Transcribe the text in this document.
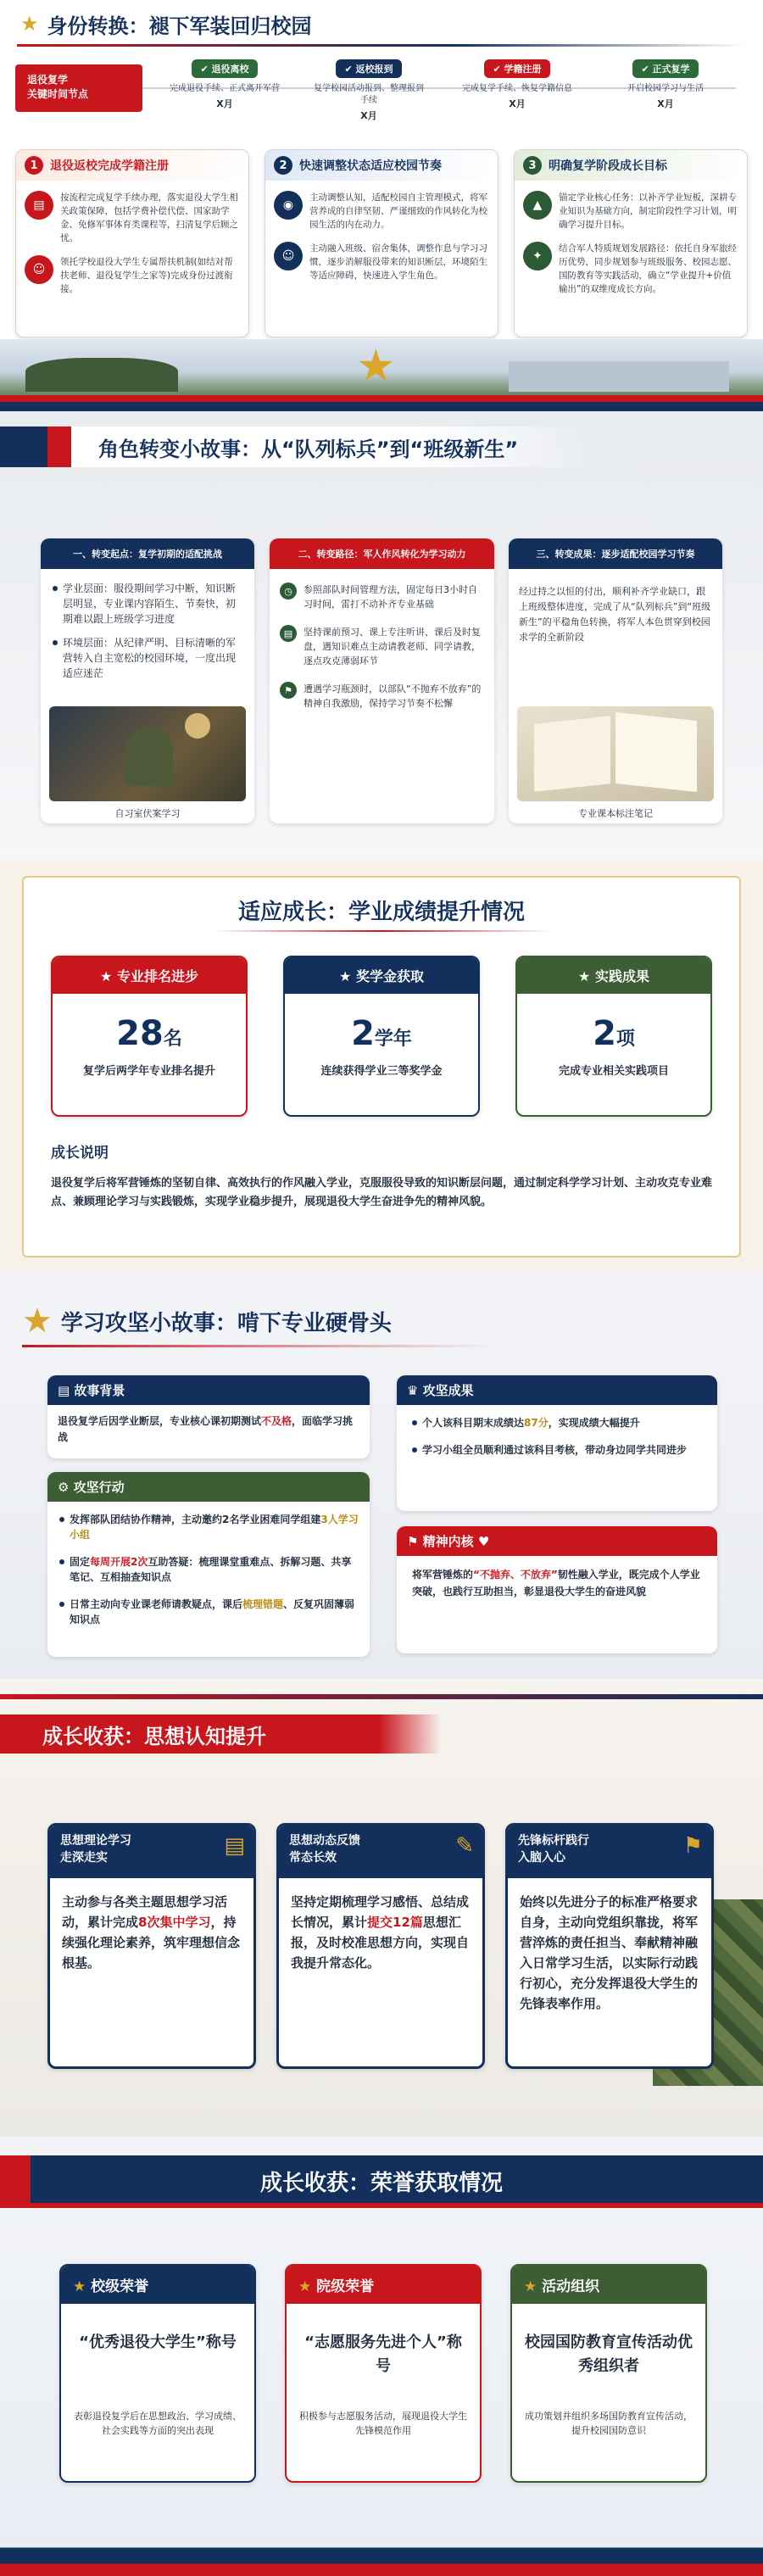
★ 身份转换：褪下军装回归校园
退役复学
关键时间节点
✔ 退役离校
完成退役手续、正式离开军营
X月
✔ 返校报到
复学校园活动报到、整理报到手续
X月
✔ 学籍注册
完成复学手续、恢复学籍信息
X月
✔ 正式复学
开启校园学习与生活
X月
1	退役返校完成学籍注册
▤
按流程完成复学手续办理，落实退役大学生相关政策保障，包括学费补偿代偿、国家助学金、免修军事体育类课程等，扫清复学后顾之忧。
☺
领托学校退役大学生专属帮扶机制(如结对帮扶老师、退役复学生之家等)完成身份过渡衔接。
2	快速调整状态适应校园节奏
◉
主动调整认知，适配校园自主管理模式，将军营养成的自律坚韧、严谨细致的作风转化为校园生活的内在动力。
☺
主动融入班级、宿舍集体，调整作息与学习习惯，逐步消解服役带来的知识断层，环境陌生等适应障碍，快速进入学生角色。
3	明确复学阶段成长目标
▲
锚定学业核心任务：以补齐学业短板，深耕专业知识为基础方向，制定阶段性学习计划，明确学习提升目标。
✦
结合军人特质规划发展路径：依托自身军旅经历优势，同步规划参与班级服务、校园志愿、国防教育等实践活动，确立“学业提升+价值输出”的双维度成长方向。
★
角色转变小故事：从“队列标兵”到“班级新生”
一、转变起点：复学初期的适配挑战
学业层面：服役期间学习中断，知识断层明显，专业课内容陌生、节奏快，初期难以跟上班级学习进度
环境层面：从纪律严明、目标清晰的军营转入自主宽松的校园环境，一度出现适应迷茫
自习室伏案学习
二、转变路径：军人作风转化为学习动力
◷	参照部队时间管理方法，固定每日3小时自习时间，雷打不动补齐专业基础
▤	坚持课前预习、课上专注听讲、课后及时复盘，遇知识难点主动请教老师、同学请教，逐点攻克薄弱环节
⚑	遭遇学习瓶颈时，以部队“不抛弃不放弃”的精神自我激励，保持学习节奏不松懈
三、转变成果：逐步适配校园学习节奏
经过持之以恒的付出，顺利补齐学业缺口，跟上班级整体进度，完成了从“队列标兵”到“班级新生”的平稳角色转换，将军人本色贯穿到校园求学的全新阶段
专业课本标注笔记
适应成长：学业成绩提升情况
★ 专业排名进步
28名
复学后两学年专业排名提升
★ 奖学金获取
2学年
连续获得学业三等奖学金
★ 实践成果
2项
完成专业相关实践项目
成长说明
退役复学后将军营锤炼的坚韧自律、高效执行的作风融入学业，克服服役导致的知识断层问题，通过制定科学学习计划、主动攻克专业难点、兼顾理论学习与实践锻炼，实现学业稳步提升，展现退役大学生奋进争先的精神风貌。
★ 学习攻坚小故事：啃下专业硬骨头
▤ 故事背景
退役复学后因学业断层，专业核心课初期测试不及格，面临学习挑战
⚙ 攻坚行动
发挥部队团结协作精神，主动邀约2名学业困难同学组建3人学习小组
固定每周开展2次互助答疑：梳理课堂重难点、拆解习题、共享笔记、互相抽查知识点
日常主动向专业课老师请教疑点，课后梳理错题、反复巩固薄弱知识点
♛ 攻坚成果
个人该科目期末成绩达87分，实现成绩大幅提升
学习小组全员顺利通过该科目考核，带动身边同学共同进步
⚑ 精神内核 ♥
将军营锤炼的“不抛弃、不放弃”韧性融入学业，既完成个人学业突破，也践行互助担当，彰显退役大学生的奋进风貌
成长收获：思想认知提升
思想理论学习
走深走实	▤
主动参与各类主题思想学习活动，累计完成8次集中学习，持续强化理论素养，筑牢理想信念根基。
思想动态反馈
常态长效	✎
坚持定期梳理学习感悟、总结成长情况，累计提交12篇思想汇报，及时校准思想方向，实现自我提升常态化。
先锋标杆践行
入脑入心	⚑
始终以先进分子的标准严格要求自身，主动向党组织靠拢，将军营淬炼的责任担当、奉献精神融入日常学习生活，以实际行动践行初心，充分发挥退役大学生的先锋表率作用。
成长收获：荣誉获取情况
★ 校级荣誉
“优秀退役大学生”称号
表彰退役复学后在思想政治、学习成绩、社会实践等方面的突出表现
★ 院级荣誉
“志愿服务先进个人”称号
积极参与志愿服务活动，展现退役大学生先锋模范作用
★ 活动组织
校园国防教育宣传活动优秀组织者
成功策划并组织多场国防教育宣传活动，提升校园国防意识
